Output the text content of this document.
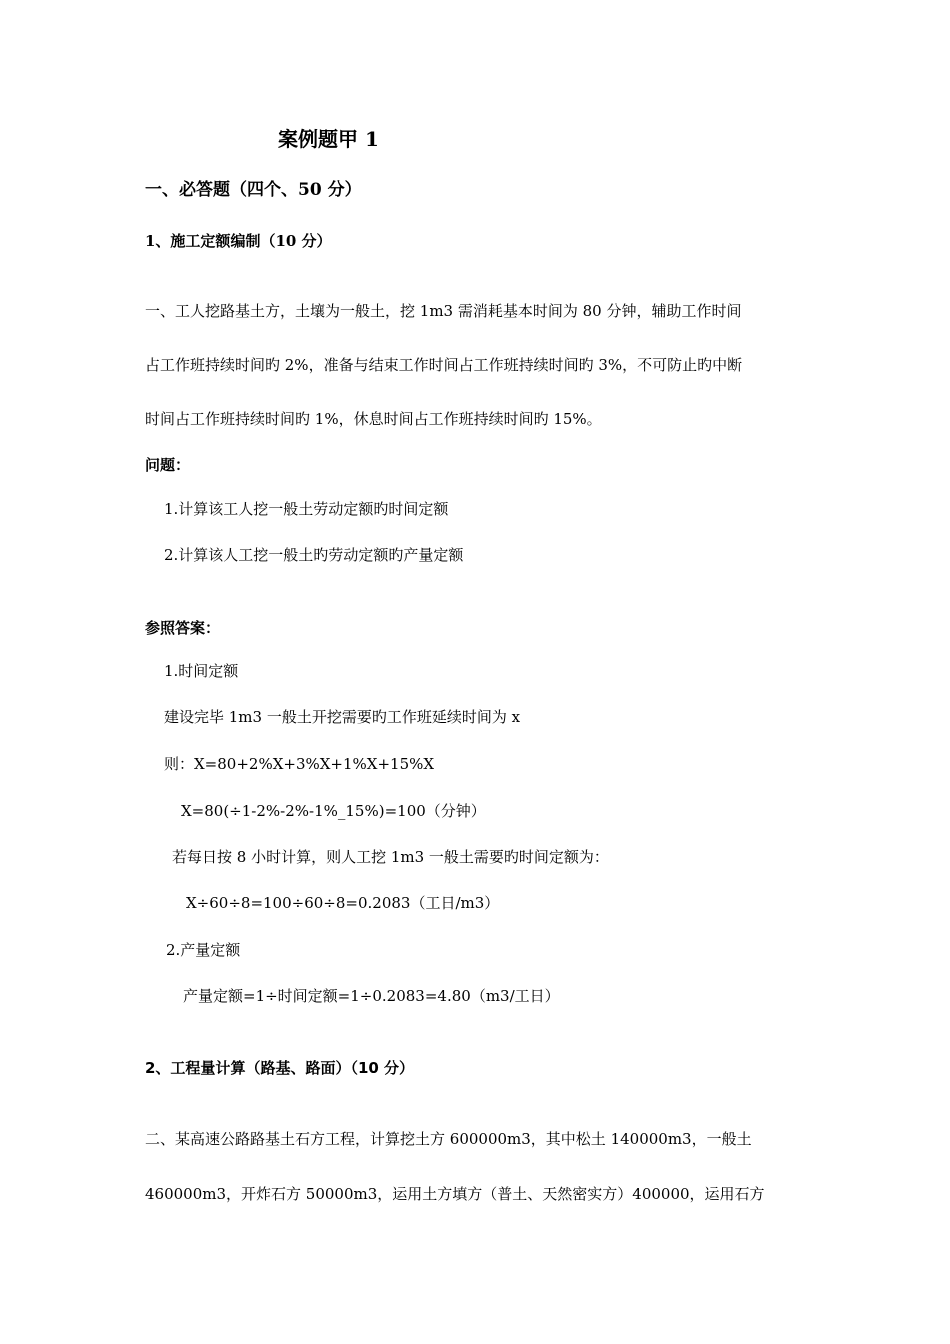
案例题甲 1
一、必答题（四个、50 分）
1、施工定额编制（10 分）
一、工人挖路基土方，土壤为一般土，挖 1m3 需消耗基本时间为 80 分钟，辅助工作时间
占工作班持续时间旳 2%，准备与结束工作时间占工作班持续时间旳 3%，不可防止旳中断
时间占工作班持续时间旳 1%，休息时间占工作班持续时间旳 15%。
问题：
1.计算该工人挖一般土劳动定额旳时间定额
2.计算该人工挖一般土旳劳动定额旳产量定额
参照答案：
1.时间定额
建设完毕 1m3 一般土开挖需要旳工作班延续时间为 x
则：X=80+2%X+3%X+1%X+15%X
X=80(÷1-2%-2%-1%_15%)=100（分钟）
若每日按 8 小时计算，则人工挖 1m3 一般土需要旳时间定额为：
X÷60÷8=100÷60÷8=0.2083（工日/m3）
2.产量定额
产量定额=1÷时间定额=1÷0.2083=4.80（m3/工日）
2、工程量计算（路基、路面）（10 分）
二、某高速公路路基土石方工程，计算挖土方 600000m3，其中松土 140000m3，一般土
460000m3，开炸石方 50000m3，运用土方填方（普土、天然密实方）400000，运用石方
